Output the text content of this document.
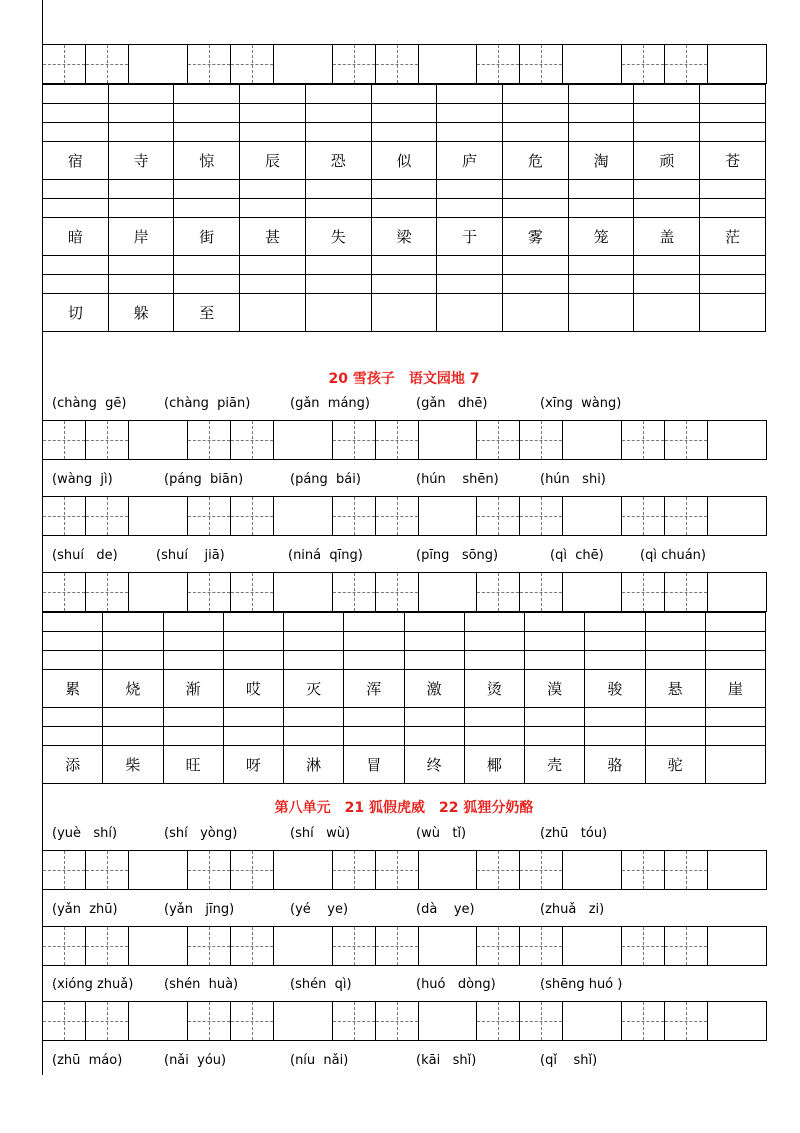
宿	寺	惊	辰	恐	似	庐	危	淘	顽	苍

暗	岸	街	甚	失	梁	于	雾	笼	盖	茫

切	躲	至								
20 雪孩子　语文园地 7
(chàng  gē)	(chàng  piān)	(gǎn  máng)	(gǎn   dhē)	(xīng  wàng)
(wàng  jì)	(páng  biān)	(páng  bái)	(hún    shēn)	(hún   shi)
(shuí   de)	(shuí    jiā)	(niná  qīng)	(pīng   sōng)	(qì  chē)	(qì chuán)

累	烧	渐	哎	灭	浑	激	烫	漠	骏	悬	崖

添	柴	旺	呀	淋	冒	终	椰	壳	骆	驼	
第八单元　21 狐假虎威　22 狐狸分奶酪
(yuè   shí)	(shí   yòng)	(shí   wù)	(wù   tǐ)	(zhū   tóu)
(yǎn  zhū)	(yǎn   jīng)	(yé    ye)	(dà    ye)	(zhuǎ   zi)
(xióng zhuǎ) (shén  huà)	(shén  qì)	(huó   dòng)	(shēng huó )
(zhū  máo)	(nǎi  yóu)	(níu  nǎi)	(kāi   shǐ)	(qǐ    shǐ)
